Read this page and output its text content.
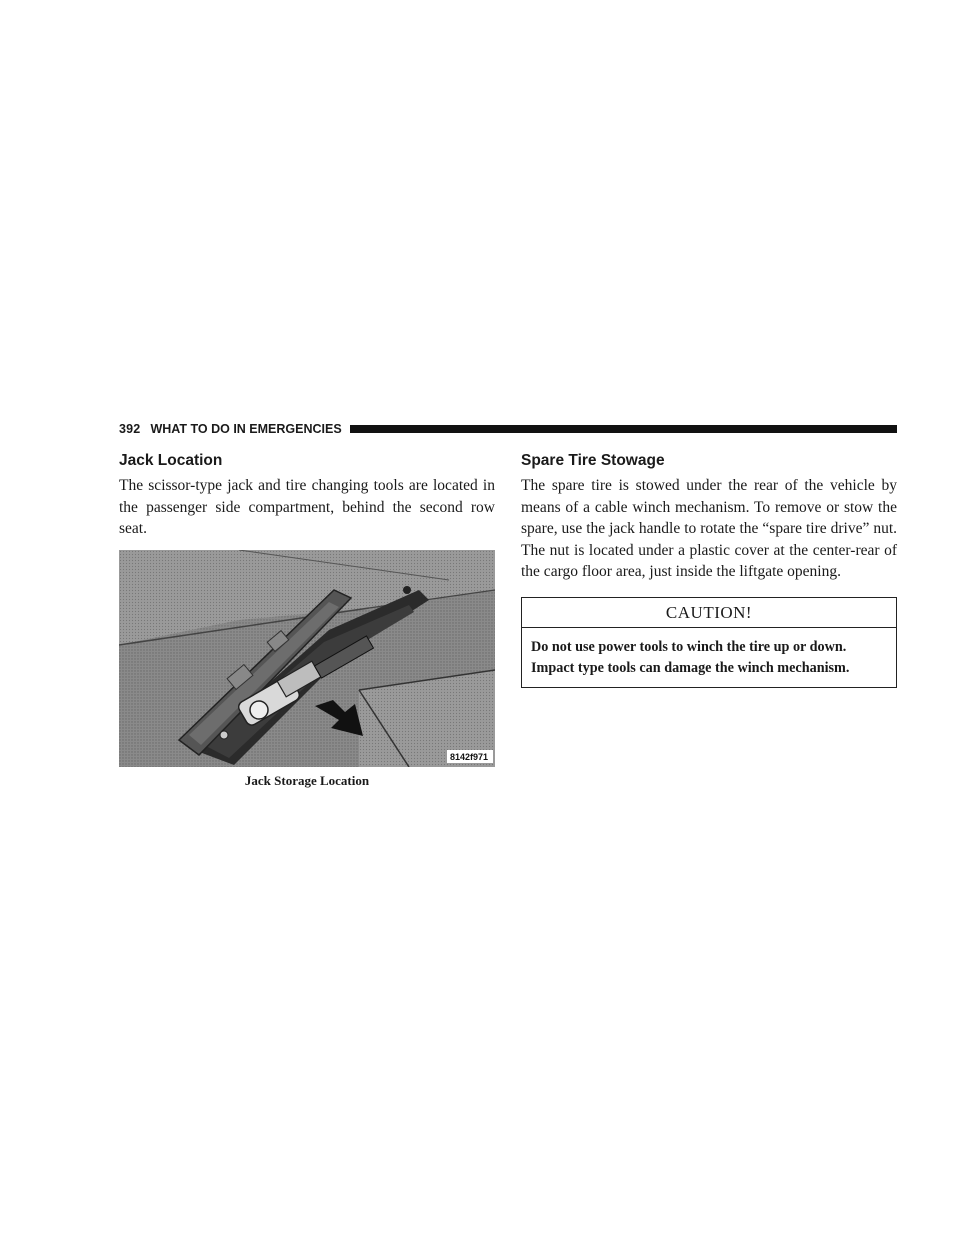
392 WHAT TO DO IN EMERGENCIES
Jack Location

The scissor-type jack and tire changing tools are located in the passenger side compartment, behind the second row seat.

8142f971
Jack Storage Location
Spare Tire Stowage

The spare tire is stowed under the rear of the vehicle by means of a cable winch mechanism. To remove or stow the spare, use the jack handle to rotate the “spare tire drive” nut. The nut is located under a plastic cover at the center-rear of the cargo floor area, just inside the liftgate opening.

CAUTION!
Do not use power tools to winch the tire up or down. Impact type tools can damage the winch mechanism.
